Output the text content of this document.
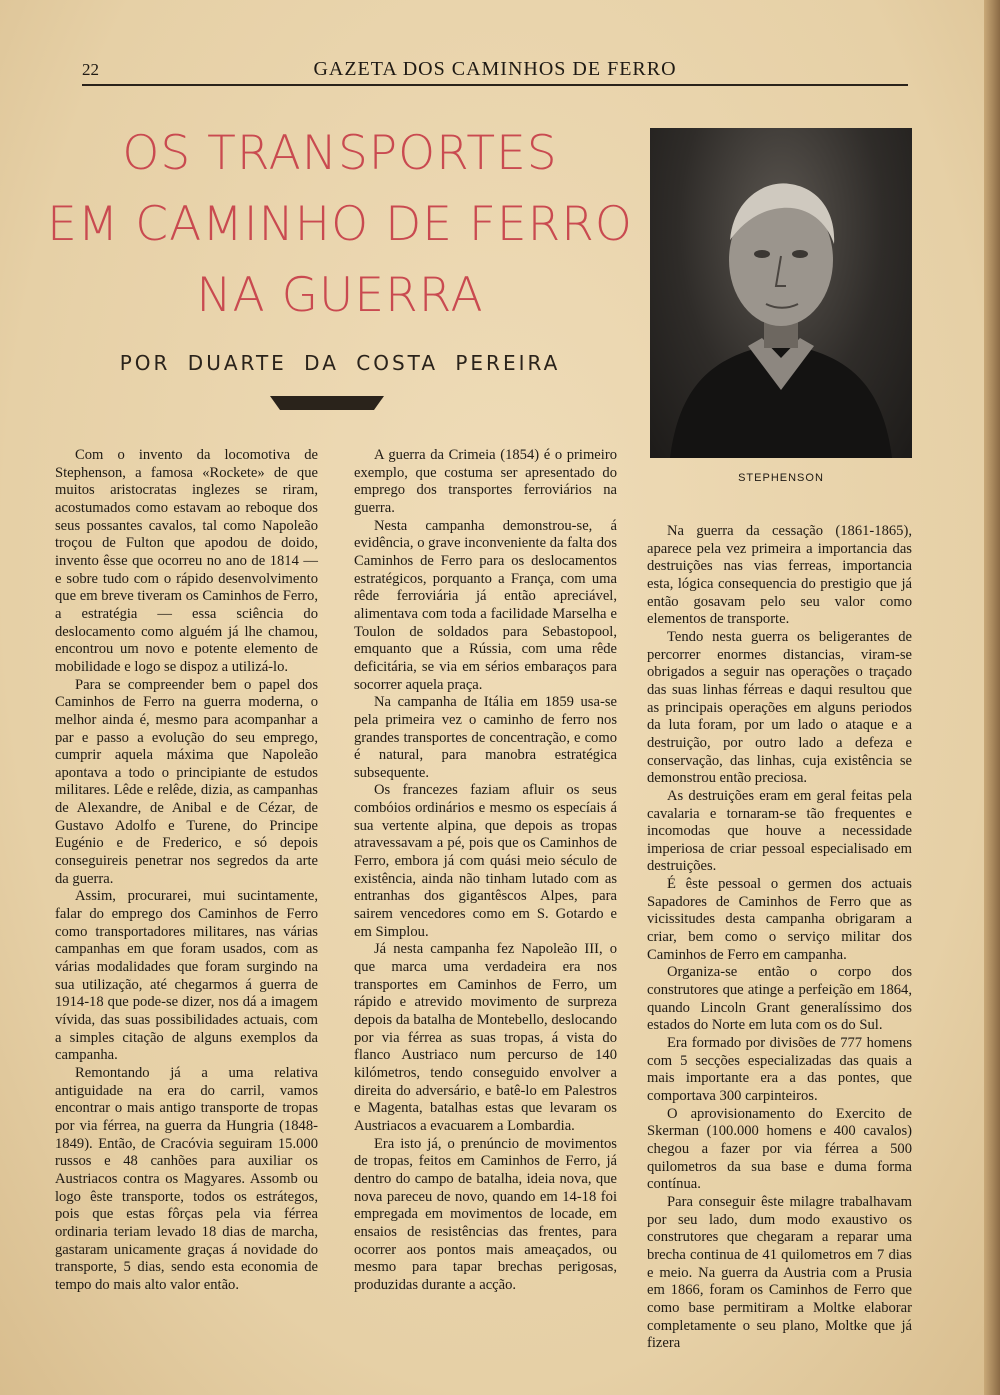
22	GAZETA DOS CAMINHOS DE FERRO
OS TRANSPORTES
EM CAMINHO DE FERRO
NA GUERRA
POR DUARTE DA COSTA PEREIRA
STEPHENSON

Com o invento da locomotiva de Stephenson, a famosa «Rockete» de que muitos aristocratas inglezes se riram, acostumados como estavam ao reboque dos seus possantes cavalos, tal como Napoleão troçou de Fulton que apodou de doido, invento êsse que ocorreu no ano de 1814 — e sobre tudo com o rápido desenvolvimento que em breve tiveram os Caminhos de Ferro, a estratégia — essa sciência do deslocamento como alguém já lhe chamou, encontrou um novo e potente elemento de mobilidade e logo se dispoz a utilizá-lo.

Para se compreender bem o papel dos Caminhos de Ferro na guerra moderna, o melhor ainda é, mesmo para acompanhar a par e passo a evolução do seu emprego, cumprir aquela máxima que Napoleão apontava a todo o principiante de estudos militares. Lêde e relêde, dizia, as campanhas de Alexandre, de Anibal e de Cézar, de Gustavo Adolfo e Turene, do Principe Eugénio e de Frederico, e só depois conseguireis penetrar nos segredos da arte da guerra.

Assim, procurarei, mui sucintamente, falar do emprego dos Caminhos de Ferro como transportadores militares, nas várias campanhas em que foram usados, com as várias modalidades que foram surgindo na sua utilização, até chegarmos á guerra de 1914-18 que pode-se dizer, nos dá a imagem vívida, das suas possibilidades actuais, com a simples citação de alguns exemplos da campanha.

Remontando já a uma relativa antiguidade na era do carril, vamos encontrar o mais antigo transporte de tropas por via férrea, na guerra da Hungria (1848-1849). Então, de Cracóvia seguiram 15.000 russos e 48 canhões para auxiliar os Austriacos contra os Magyares. Assomb ou logo êste transporte, todos os estrátegos, pois que estas fôrças pela via férrea ordinaria teriam levado 18 dias de marcha, gastaram unicamente graças á novidade do transporte, 5 dias, sendo esta economia de tempo do mais alto valor então.

A guerra da Crimeia (1854) é o primeiro exemplo, que costuma ser apresentado do emprego dos transportes ferroviários na guerra.

Nesta campanha demonstrou-se, á evidência, o grave inconveniente da falta dos Caminhos de Ferro para os deslocamentos estratégicos, porquanto a França, com uma rêde ferroviária já então apreciável, alimentava com toda a facilidade Marselha e Toulon de soldados para Sebastopool, emquanto que a Rússia, com uma rêde deficitária, se via em sérios embaraços para socorrer aquela praça.

Na campanha de Itália em 1859 usa-se pela primeira vez o caminho de ferro nos grandes transportes de concentração, e como é natural, para manobra estratégica subsequente.

Os francezes faziam afluir os seus combóios ordinários e mesmo os especíais á sua vertente alpina, que depois as tropas atravessavam a pé, pois que os Caminhos de Ferro, embora já com quási meio século de existência, ainda não tinham lutado com as entranhas dos gigantêscos Alpes, para sairem vencedores como em S. Gotardo e em Simplou.

Já nesta campanha fez Napoleão III, o que marca uma verdadeira era nos transportes em Caminhos de Ferro, um rápido e atrevido movimento de surpreza depois da batalha de Montebello, deslocando por via férrea as suas tropas, á vista do flanco Austriaco num percurso de 140 kilómetros, tendo conseguido envolver a direita do adversário, e batê-lo em Palestros e Magenta, batalhas estas que levaram os Austriacos a evacuarem a Lombardia.

Era isto já, o prenúncio de movimentos de tropas, feitos em Caminhos de Ferro, já dentro do campo de batalha, ideia nova, que nova pareceu de novo, quando em 14-18 foi empregada em movimentos de locade, em ensaios de resistências das frentes, para ocorrer aos pontos mais ameaçados, ou mesmo para tapar brechas perigosas, produzidas durante a acção.

Na guerra da cessação (1861-1865), aparece pela vez primeira a importancia das destruições nas vias ferreas, importancia esta, lógica consequencia do prestigio que já então gosavam pelo seu valor como elementos de transporte.

Tendo nesta guerra os beligerantes de percorrer enormes distancias, viram-se obrigados a seguir nas operações o traçado das suas linhas férreas e daqui resultou que as principais operações em alguns periodos da luta foram, por um lado o ataque e a destruição, por outro lado a defeza e conservação, das linhas, cuja existência se demonstrou então preciosa.

As destruições eram em geral feitas pela cavalaria e tornaram-se tão frequentes e incomodas que houve a necessidade imperiosa de criar pessoal especialisado em destruições.

É êste pessoal o germen dos actuais Sapadores de Caminhos de Ferro que as vicissitudes desta campanha obrigaram a criar, bem como o serviço militar dos Caminhos de Ferro em campanha.

Organiza-se então o corpo dos construtores que atinge a perfeição em 1864, quando Lincoln Grant generalíssimo dos estados do Norte em luta com os do Sul.

Era formado por divisões de 777 homens com 5 secções especializadas das quais a mais importante era a das pontes, que comportava 300 carpinteiros.

O aprovisionamento do Exercito de Skerman (100.000 homens e 400 cavalos) chegou a fazer por via férrea a 500 quilometros da sua base e duma forma contínua.

Para conseguir êste milagre trabalhavam por seu lado, dum modo exaustivo os construtores que chegaram a reparar uma brecha continua de 41 quilometros em 7 dias e meio. Na guerra da Austria com a Prusia em 1866, foram os Caminhos de Ferro que como base permitiram a Moltke elaborar completamente o seu plano, Moltke que já fizera
